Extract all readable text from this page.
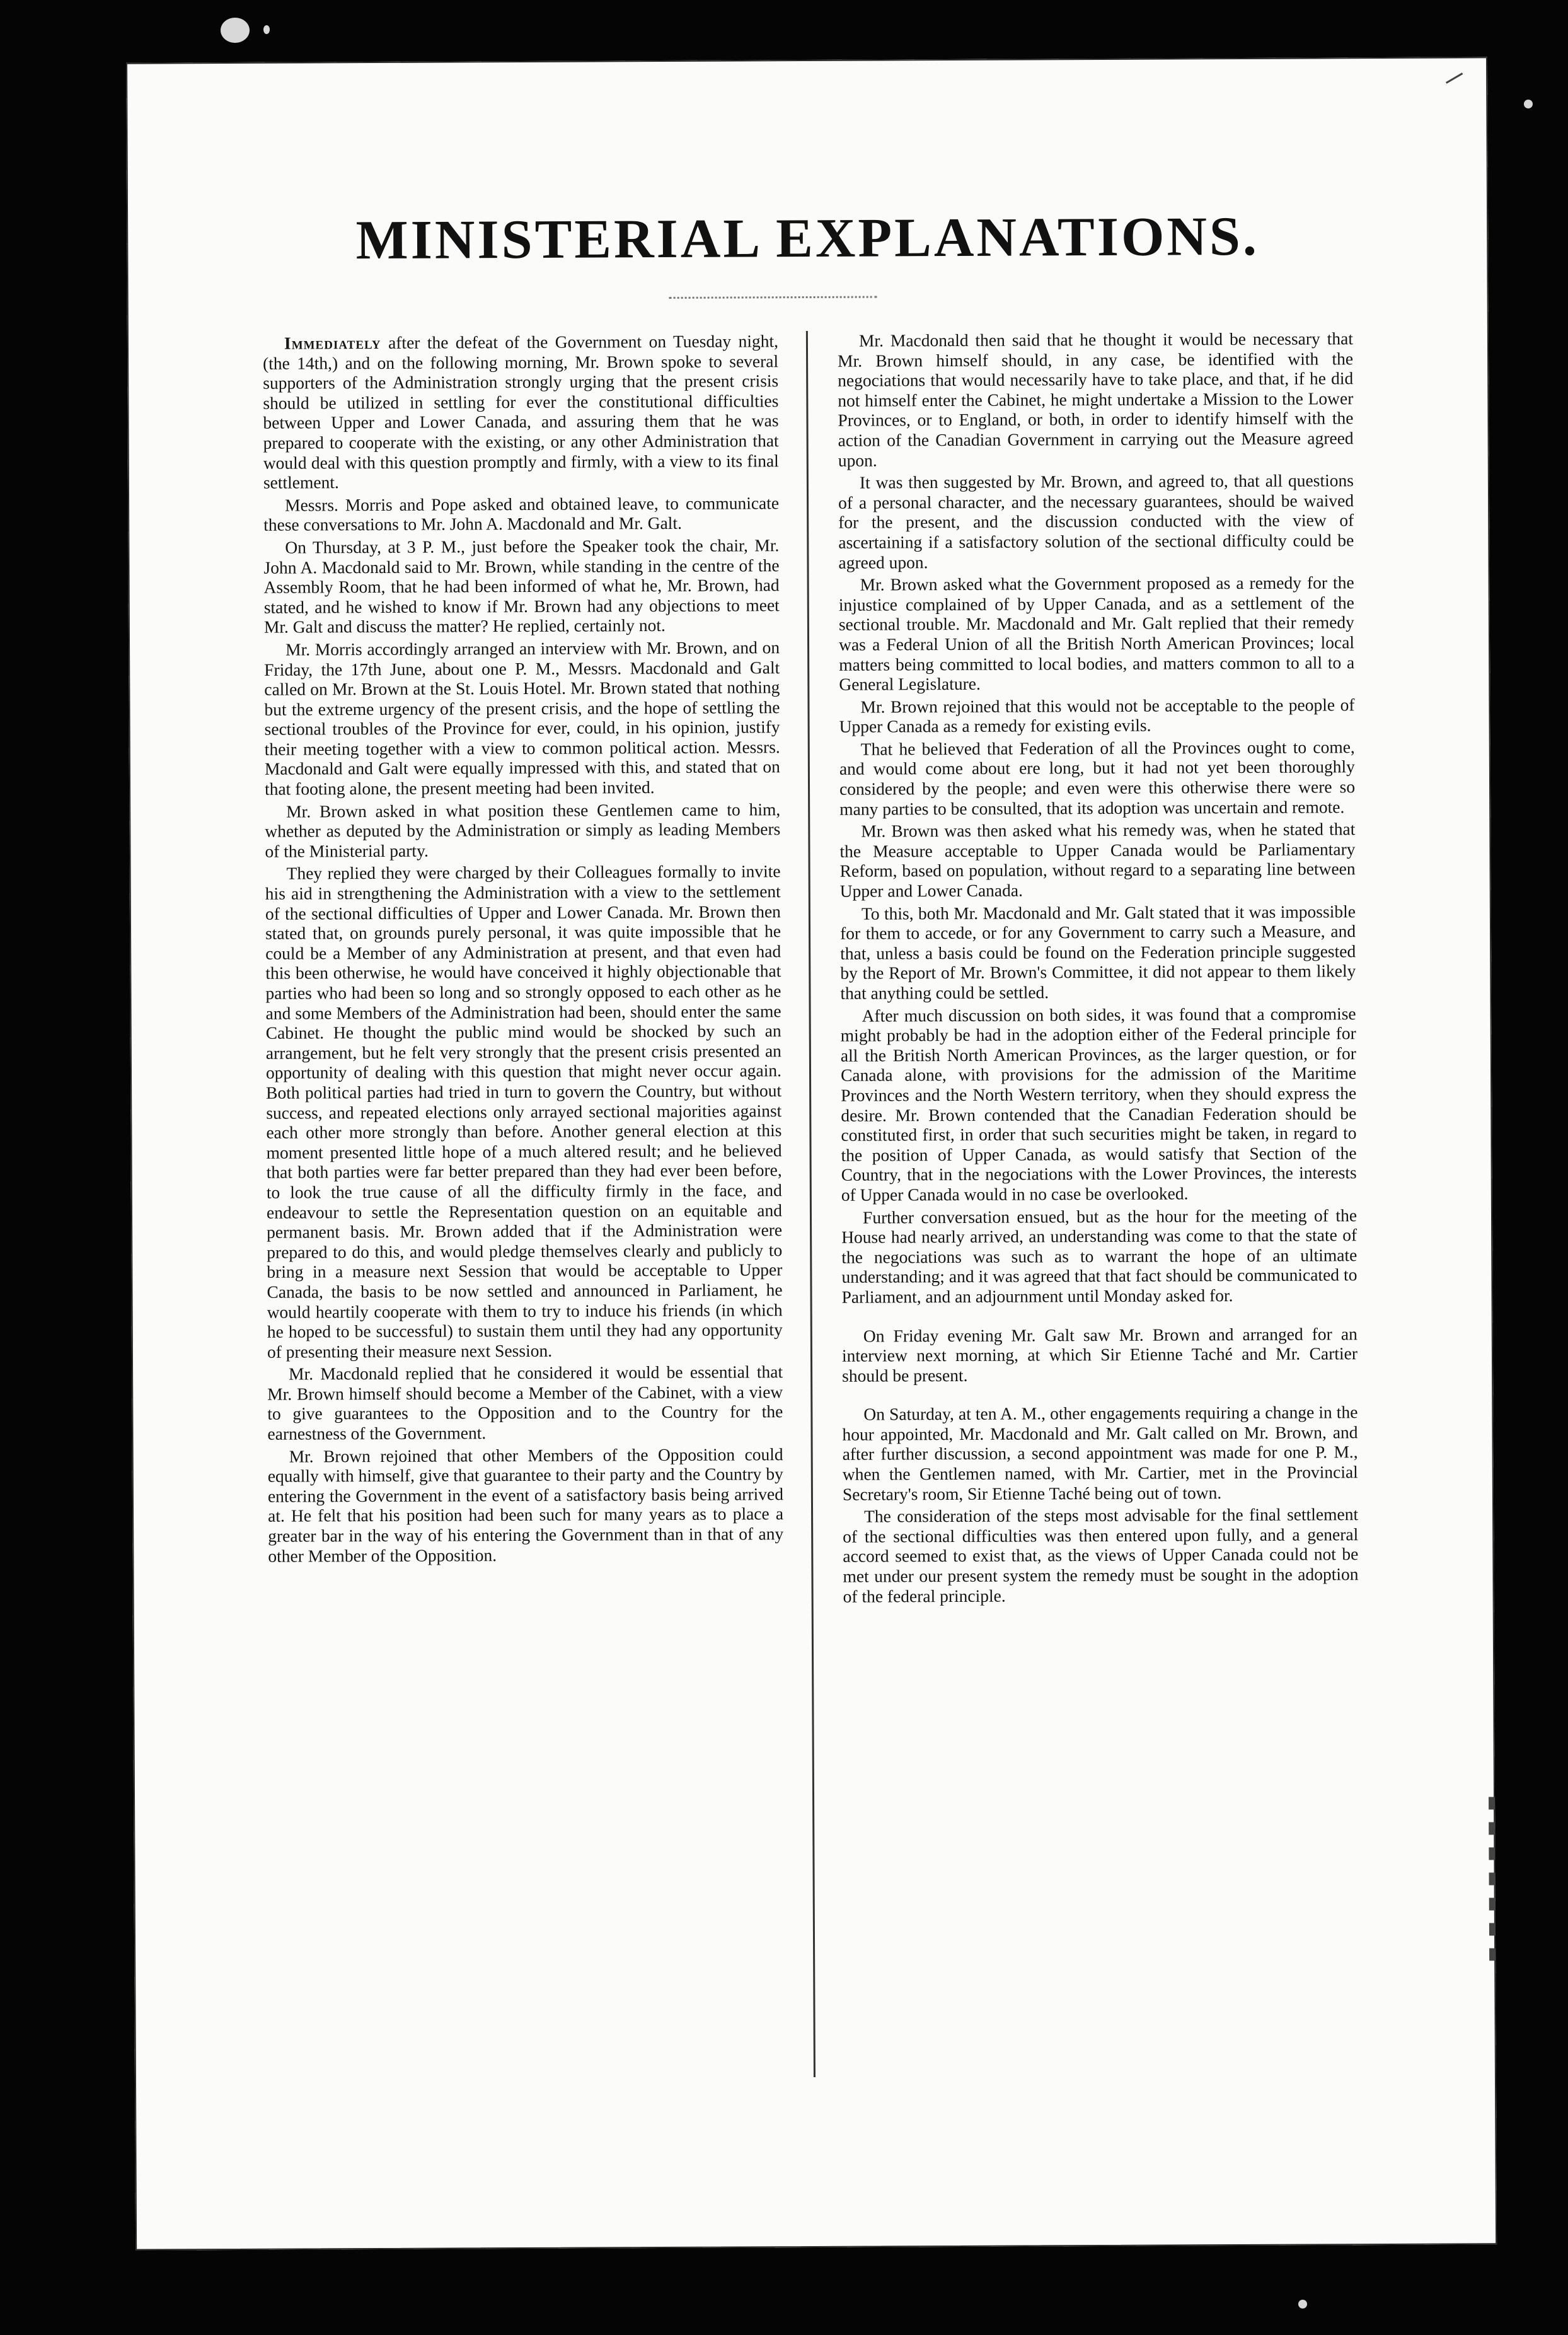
MINISTERIAL EXPLANATIONS.

Immediately after the defeat of the Government on Tuesday night, (the 14th,) and on the following morning, Mr. Brown spoke to several supporters of the Administration strongly urging that the present crisis should be utilized in settling for ever the constitutional difficulties between Upper and Lower Canada, and assuring them that he was prepared to cooperate with the existing, or any other Administration that would deal with this question promptly and firmly, with a view to its final settlement.

Messrs. Morris and Pope asked and obtained leave, to communicate these conversations to Mr. John A. Macdonald and Mr. Galt.

On Thursday, at 3 P. M., just before the Speaker took the chair, Mr. John A. Macdonald said to Mr. Brown, while standing in the centre of the Assembly Room, that he had been informed of what he, Mr. Brown, had stated, and he wished to know if Mr. Brown had any objections to meet Mr. Galt and discuss the matter? He replied, certainly not.

Mr. Morris accordingly arranged an interview with Mr. Brown, and on Friday, the 17th June, about one P. M., Messrs. Macdonald and Galt called on Mr. Brown at the St. Louis Hotel. Mr. Brown stated that nothing but the extreme urgency of the present crisis, and the hope of settling the sectional troubles of the Province for ever, could, in his opinion, justify their meeting together with a view to common political action. Messrs. Macdonald and Galt were equally impressed with this, and stated that on that footing alone, the present meeting had been invited.

Mr. Brown asked in what position these Gentlemen came to him, whether as deputed by the Administration or simply as leading Members of the Ministerial party.

They replied they were charged by their Colleagues formally to invite his aid in strengthening the Administration with a view to the settlement of the sectional difficulties of Upper and Lower Canada. Mr. Brown then stated that, on grounds purely personal, it was quite impossible that he could be a Member of any Administration at present, and that even had this been otherwise, he would have conceived it highly objectionable that parties who had been so long and so strongly opposed to each other as he and some Members of the Administration had been, should enter the same Cabinet. He thought the public mind would be shocked by such an arrangement, but he felt very strongly that the present crisis presented an opportunity of dealing with this question that might never occur again. Both political parties had tried in turn to govern the Country, but without success, and repeated elections only arrayed sectional majorities against each other more strongly than before. Another general election at this moment presented little hope of a much altered result; and he believed that both parties were far better prepared than they had ever been before, to look the true cause of all the difficulty firmly in the face, and endeavour to settle the Representation question on an equitable and permanent basis. Mr. Brown added that if the Administration were prepared to do this, and would pledge themselves clearly and publicly to bring in a measure next Session that would be acceptable to Upper Canada, the basis to be now settled and announced in Parliament, he would heartily cooperate with them to try to induce his friends (in which he hoped to be successful) to sustain them until they had any opportunity of presenting their measure next Session.

Mr. Macdonald replied that he considered it would be essential that Mr. Brown himself should become a Member of the Cabinet, with a view to give guarantees to the Opposition and to the Country for the earnestness of the Government.

Mr. Brown rejoined that other Members of the Opposition could equally with himself, give that guarantee to their party and the Country by entering the Government in the event of a satisfactory basis being arrived at. He felt that his position had been such for many years as to place a greater bar in the way of his entering the Government than in that of any other Member of the Opposition.

Mr. Macdonald then said that he thought it would be necessary that Mr. Brown himself should, in any case, be identified with the negociations that would necessarily have to take place, and that, if he did not himself enter the Cabinet, he might undertake a Mission to the Lower Provinces, or to England, or both, in order to identify himself with the action of the Canadian Government in carrying out the Measure agreed upon.

It was then suggested by Mr. Brown, and agreed to, that all questions of a personal character, and the necessary guarantees, should be waived for the present, and the discussion conducted with the view of ascertaining if a satisfactory solution of the sectional difficulty could be agreed upon.

Mr. Brown asked what the Government proposed as a remedy for the injustice complained of by Upper Canada, and as a settlement of the sectional trouble. Mr. Macdonald and Mr. Galt replied that their remedy was a Federal Union of all the British North American Provinces; local matters being committed to local bodies, and matters common to all to a General Legislature.

Mr. Brown rejoined that this would not be acceptable to the people of Upper Canada as a remedy for existing evils.

That he believed that Federation of all the Provinces ought to come, and would come about ere long, but it had not yet been thoroughly considered by the people; and even were this otherwise there were so many parties to be consulted, that its adoption was uncertain and remote.

Mr. Brown was then asked what his remedy was, when he stated that the Measure acceptable to Upper Canada would be Parliamentary Reform, based on population, without regard to a separating line between Upper and Lower Canada.

To this, both Mr. Macdonald and Mr. Galt stated that it was impossible for them to accede, or for any Government to carry such a Measure, and that, unless a basis could be found on the Federation principle suggested by the Report of Mr. Brown's Committee, it did not appear to them likely that anything could be settled.

After much discussion on both sides, it was found that a compromise might probably be had in the adoption either of the Federal principle for all the British North American Provinces, as the larger question, or for Canada alone, with provisions for the admission of the Maritime Provinces and the North Western territory, when they should express the desire. Mr. Brown contended that the Canadian Federation should be constituted first, in order that such securities might be taken, in regard to the position of Upper Canada, as would satisfy that Section of the Country, that in the negociations with the Lower Provinces, the interests of Upper Canada would in no case be overlooked.

Further conversation ensued, but as the hour for the meeting of the House had nearly arrived, an understanding was come to that the state of the negociations was such as to warrant the hope of an ultimate understanding; and it was agreed that that fact should be communicated to Parliament, and an adjournment until Monday asked for.

On Friday evening Mr. Galt saw Mr. Brown and arranged for an interview next morning, at which Sir Etienne Taché and Mr. Cartier should be present.

On Saturday, at ten A. M., other engagements requiring a change in the hour appointed, Mr. Macdonald and Mr. Galt called on Mr. Brown, and after further discussion, a second appointment was made for one P. M., when the Gentlemen named, with Mr. Cartier, met in the Provincial Secretary's room, Sir Etienne Taché being out of town.

The consideration of the steps most advisable for the final settlement of the sectional difficulties was then entered upon fully, and a general accord seemed to exist that, as the views of Upper Canada could not be met under our present system the remedy must be sought in the adoption of the federal principle.
